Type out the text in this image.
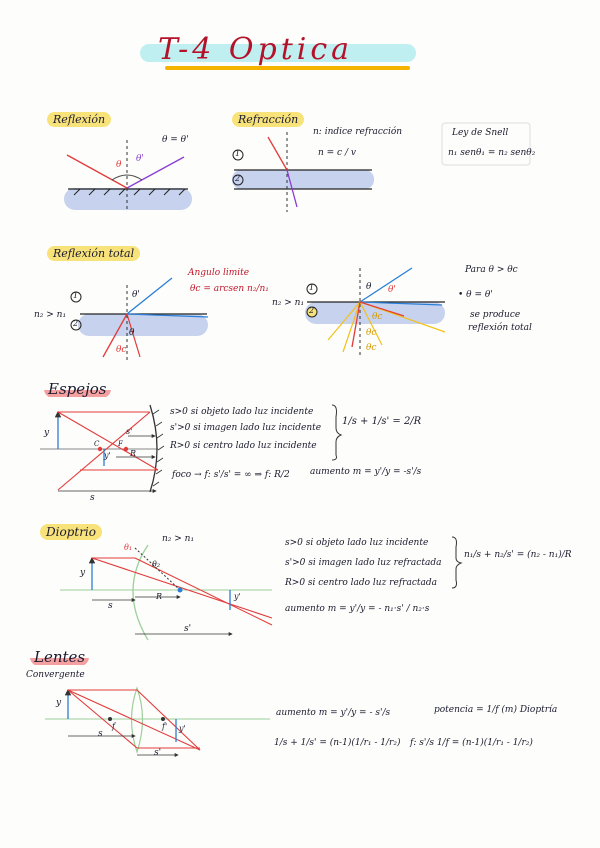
T-4 Optica
Reflexión
θ = θ'
θ
θ'
Refracción
n: indice refracción
n = c / v
1
2
Ley de Snell
n₁ senθ₁ = n₂ senθ₂
Reflexión total
Angulo limite
θc = arcsen n₂/n₁
n₂ > n₁
n₂ > n₁
1
2
1
2
θ'
θ
θc
θ θ'
θc
θc
θc
Para θ > θc
• θ = θ'
se produce
reflexión total
Espejos
s>0 si objeto lado luz incidente
s'>0 si imagen lado luz incidente
R>0 si centro lado luz incidente
1/s + 1/s' = 2/R
foco → f: s'/s' = ∞ ⇒ f: R/2 aumento m = y'/y = -s'/s
y
y'
s'
R
F
C
s
Dioptrio	n₂ > n₁	s>0 si objeto lado luz incidente
s'>0 si imagen lado luz refractada
R>0 si centro lado luz refractada
n₁/s + n₂/s' = (n₂ - n₁)/R
aumento m = y'/y = - n₁·s' / n₂·s
y
y'
s
R
s'
θ₁
θ₂
Lentes
Convergente
aumento m = y'/y = - s'/s	potencia = 1/f (m) Dioptría
1/s + 1/s' = (n-1)(1/r₁ - 1/r₂) f: s'/s 1/f = (n-1)(1/r₁ - 1/r₂)
y
y'
s
s'
f	f'
